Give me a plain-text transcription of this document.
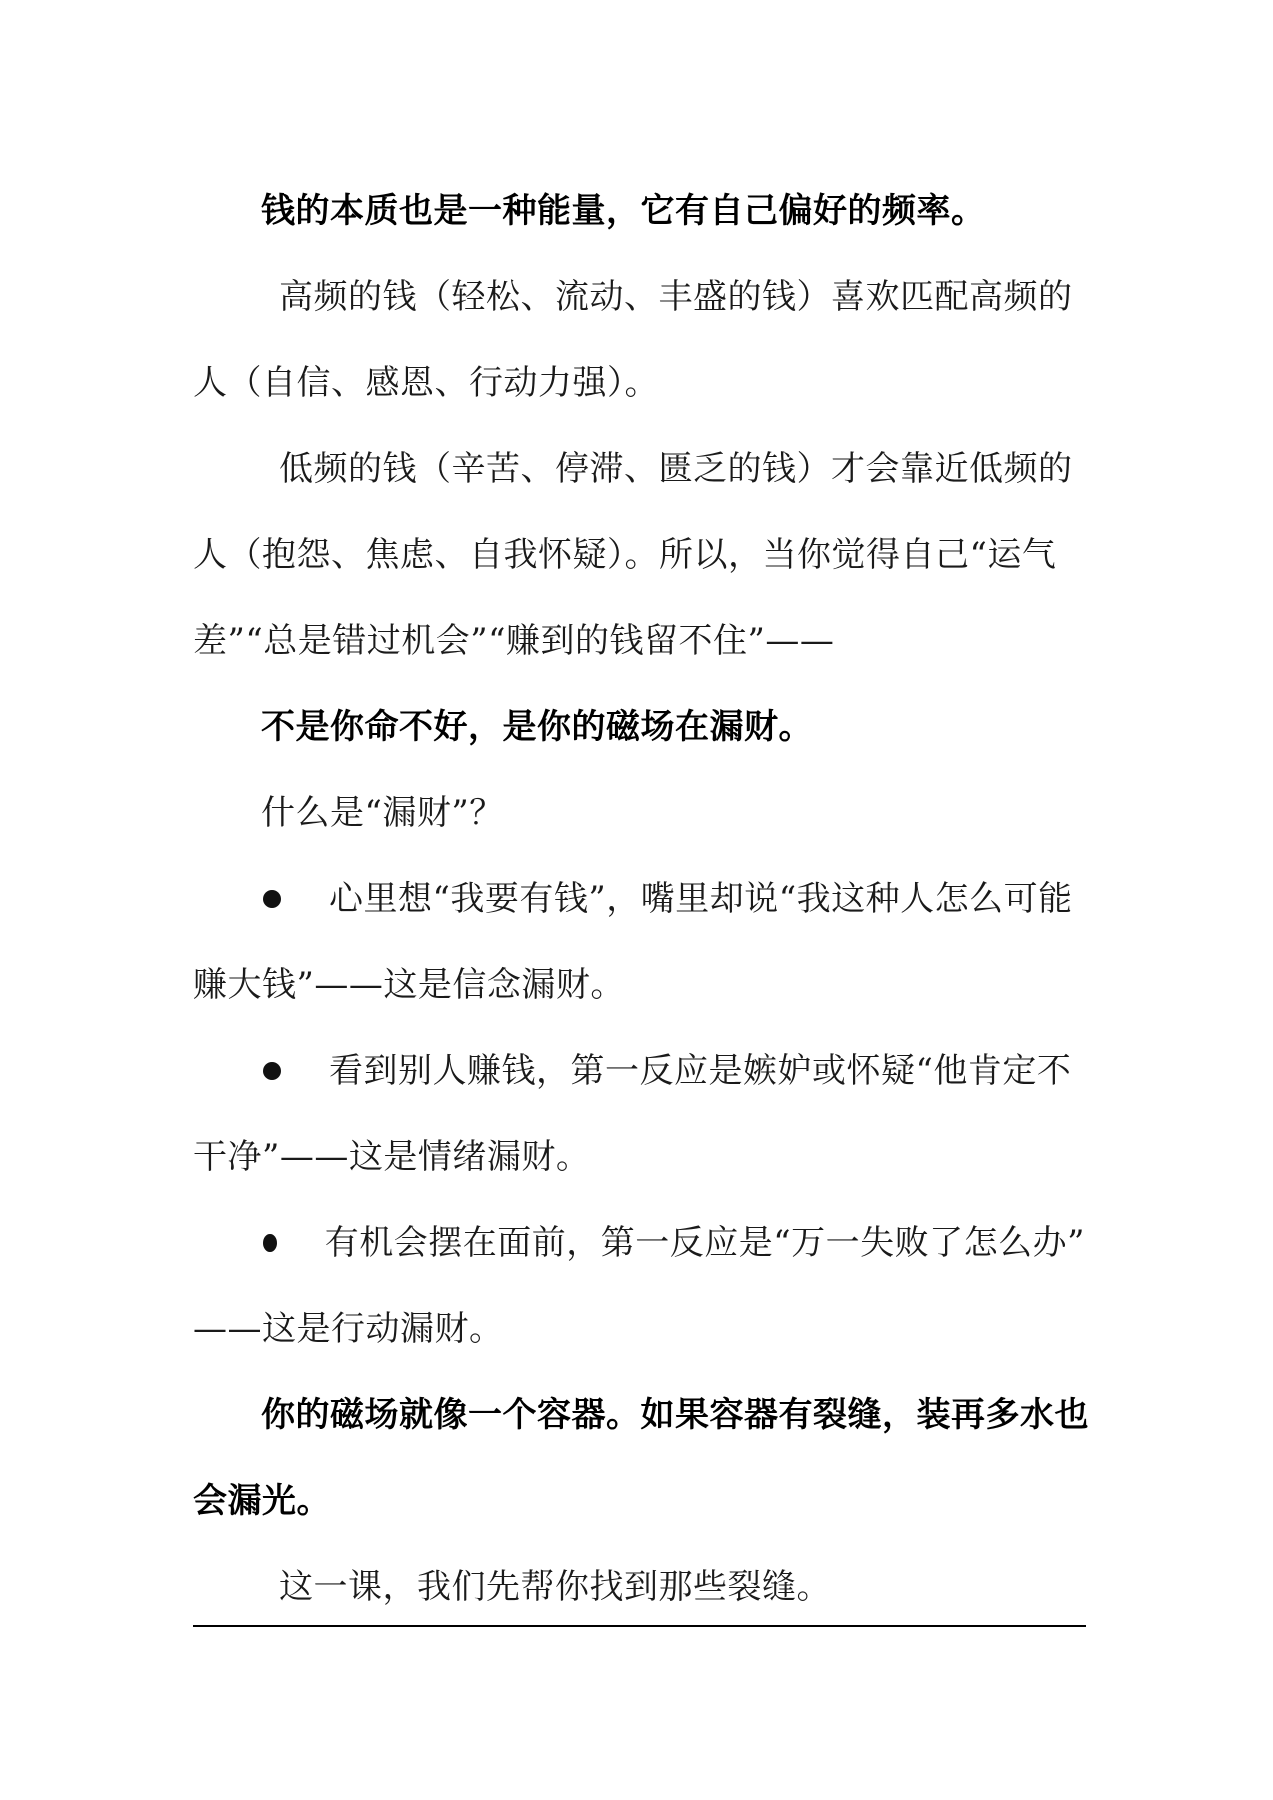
钱的本质也是一种能量，它有自己偏好的频率。
高频的钱（轻松、流动、丰盛的钱）喜欢匹配高频的
人（自信、感恩、行动力强）。
低频的钱（辛苦、停滞、匮乏的钱）才会靠近低频的
人（抱怨、焦虑、自我怀疑）。所以，当你觉得自己“运气
差”“总是错过机会”“赚到的钱留不住”——
不是你命不好，是你的磁场在漏财。
什么是“漏财”？
心里想“我要有钱”，嘴里却说“我这种人怎么可能
赚大钱”——这是信念漏财。
看到别人赚钱，第一反应是嫉妒或怀疑“他肯定不
干净”——这是情绪漏财。
有机会摆在面前，第一反应是“万一失败了怎么办”
——这是行动漏财。
你的磁场就像一个容器。如果容器有裂缝，装再多水也
会漏光。
这一课，我们先帮你找到那些裂缝。
